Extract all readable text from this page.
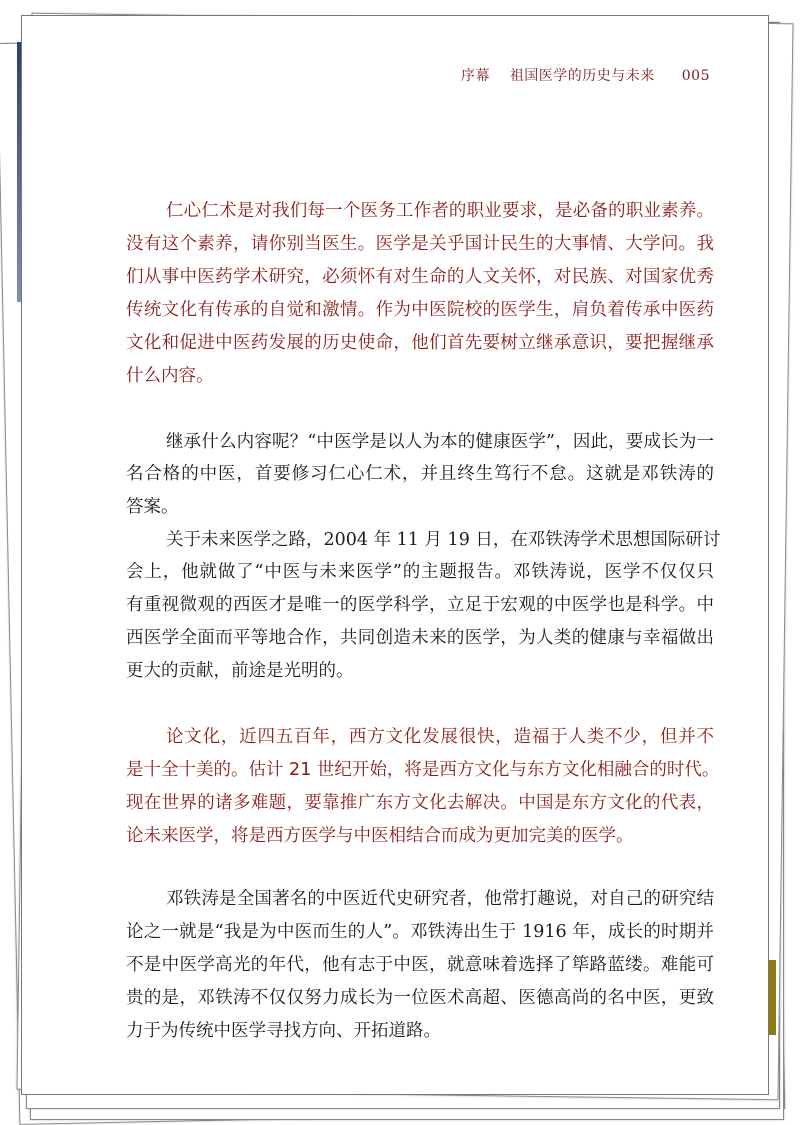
序幕 祖国医学的历史与未来 005
仁心仁术是对我们每一个医务工作者的职业要求，是必备的职业素养。
没有这个素养，请你别当医生。医学是关乎国计民生的大事情、大学问。我
们从事中医药学术研究，必须怀有对生命的人文关怀，对民族、对国家优秀
传统文化有传承的自觉和激情。作为中医院校的医学生，肩负着传承中医药
文化和促进中医药发展的历史使命，他们首先要树立继承意识，要把握继承
什么内容。
继承什么内容呢？“中医学是以人为本的健康医学”，因此，要成长为一
名合格的中医，首要修习仁心仁术，并且终生笃行不怠。这就是邓铁涛的
答案。
关于未来医学之路，2004 年 11 月 19 日，在邓铁涛学术思想国际研讨
会上，他就做了“中医与未来医学”的主题报告。邓铁涛说，医学不仅仅只
有重视微观的西医才是唯一的医学科学，立足于宏观的中医学也是科学。中
西医学全面而平等地合作，共同创造未来的医学，为人类的健康与幸福做出
更大的贡献，前途是光明的。
论文化，近四五百年，西方文化发展很快，造福于人类不少，但并不
是十全十美的。估计 21 世纪开始，将是西方文化与东方文化相融合的时代。
现在世界的诸多难题，要靠推广东方文化去解决。中国是东方文化的代表，
论未来医学，将是西方医学与中医相结合而成为更加完美的医学。
邓铁涛是全国著名的中医近代史研究者，他常打趣说，对自己的研究结
论之一就是“我是为中医而生的人”。邓铁涛出生于 1916 年，成长的时期并
不是中医学高光的年代，他有志于中医，就意味着选择了筚路蓝缕。难能可
贵的是，邓铁涛不仅仅努力成长为一位医术高超、医德高尚的名中医，更致
力于为传统中医学寻找方向、开拓道路。
